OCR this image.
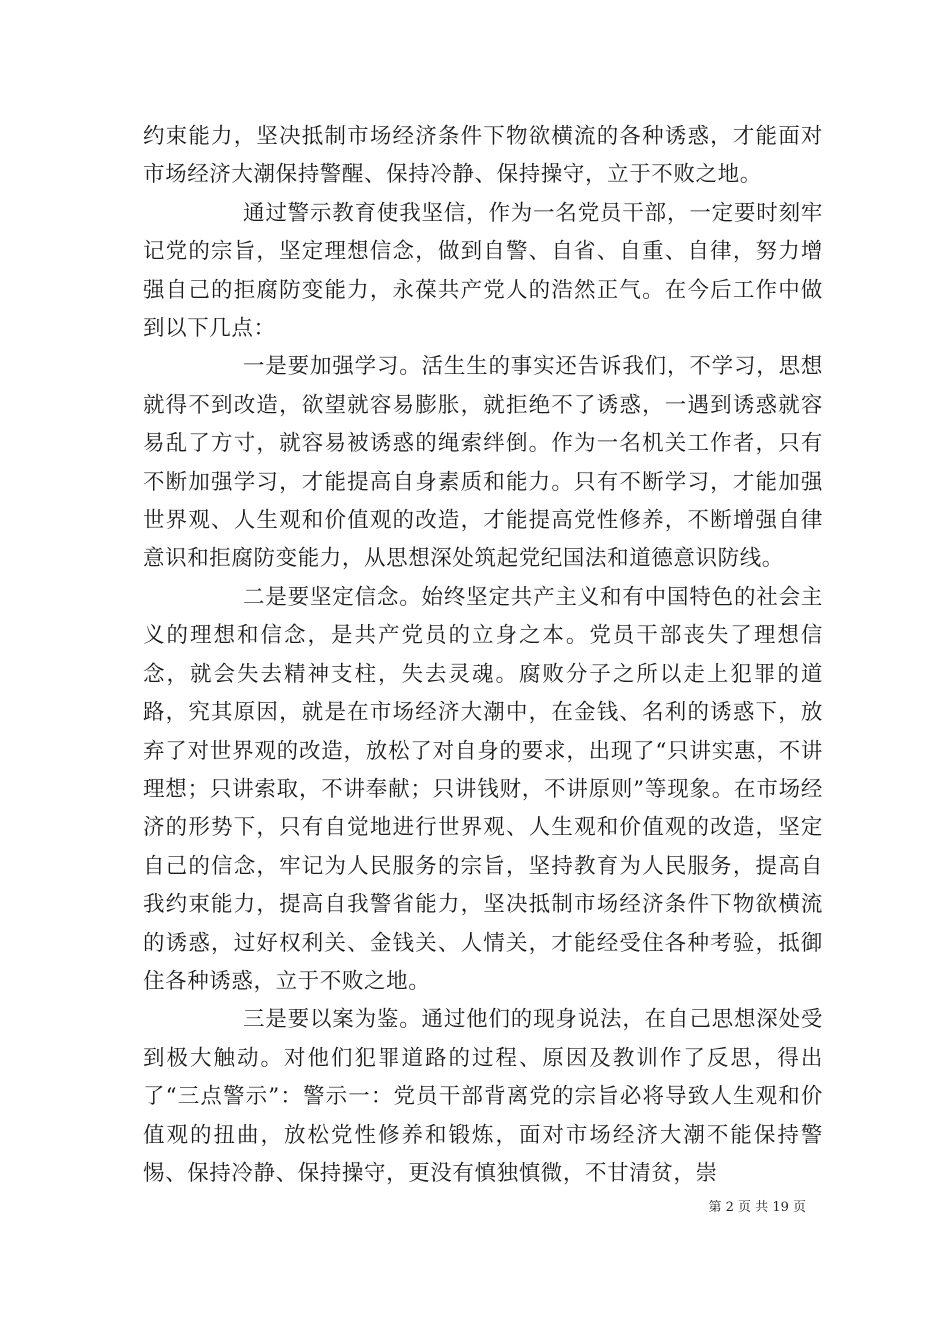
约束能力，坚决抵制市场经济条件下物欲横流的各种诱惑，才能面对市场经济大潮保持警醒、保持冷静、保持操守，立于不败之地。

通过警示教育使我坚信，作为一名党员干部，一定要时刻牢记党的宗旨，坚定理想信念，做到自警、自省、自重、自律，努力增强自己的拒腐防变能力，永葆共产党人的浩然正气。在今后工作中做到以下几点：

一是要加强学习。活生生的事实还告诉我们，不学习，思想就得不到改造，欲望就容易膨胀，就拒绝不了诱惑，一遇到诱惑就容易乱了方寸，就容易被诱惑的绳索绊倒。作为一名机关工作者，只有不断加强学习，才能提高自身素质和能力。只有不断学习，才能加强世界观、人生观和价值观的改造，才能提高党性修养，不断增强自律意识和拒腐防变能力，从思想深处筑起党纪国法和道德意识防线。

二是要坚定信念。始终坚定共产主义和有中国特色的社会主义的理想和信念，是共产党员的立身之本。党员干部丧失了理想信念，就会失去精神支柱，失去灵魂。腐败分子之所以走上犯罪的道路，究其原因，就是在市场经济大潮中，在金钱、名利的诱惑下，放弃了对世界观的改造，放松了对自身的要求，出现了“只讲实惠，不讲理想；只讲索取，不讲奉献；只讲钱财，不讲原则”等现象。在市场经济的形势下，只有自觉地进行世界观、人生观和价值观的改造，坚定自己的信念，牢记为人民服务的宗旨，坚持教育为人民服务，提高自我约束能力，提高自我警省能力，坚决抵制市场经济条件下物欲横流的诱惑，过好权利关、金钱关、人情关，才能经受住各种考验，抵御住各种诱惑，立于不败之地。

三是要以案为鉴。通过他们的现身说法，在自己思想深处受到极大触动。对他们犯罪道路的过程、原因及教训作了反思，得出了“三点警示”：警示一：党员干部背离党的宗旨必将导致人生观和价值观的扭曲，放松党性修养和锻炼，面对市场经济大潮不能保持警惕、保持冷静、保持操守，更没有慎独慎微，不甘清贫，崇

第 2 页 共 19 页
